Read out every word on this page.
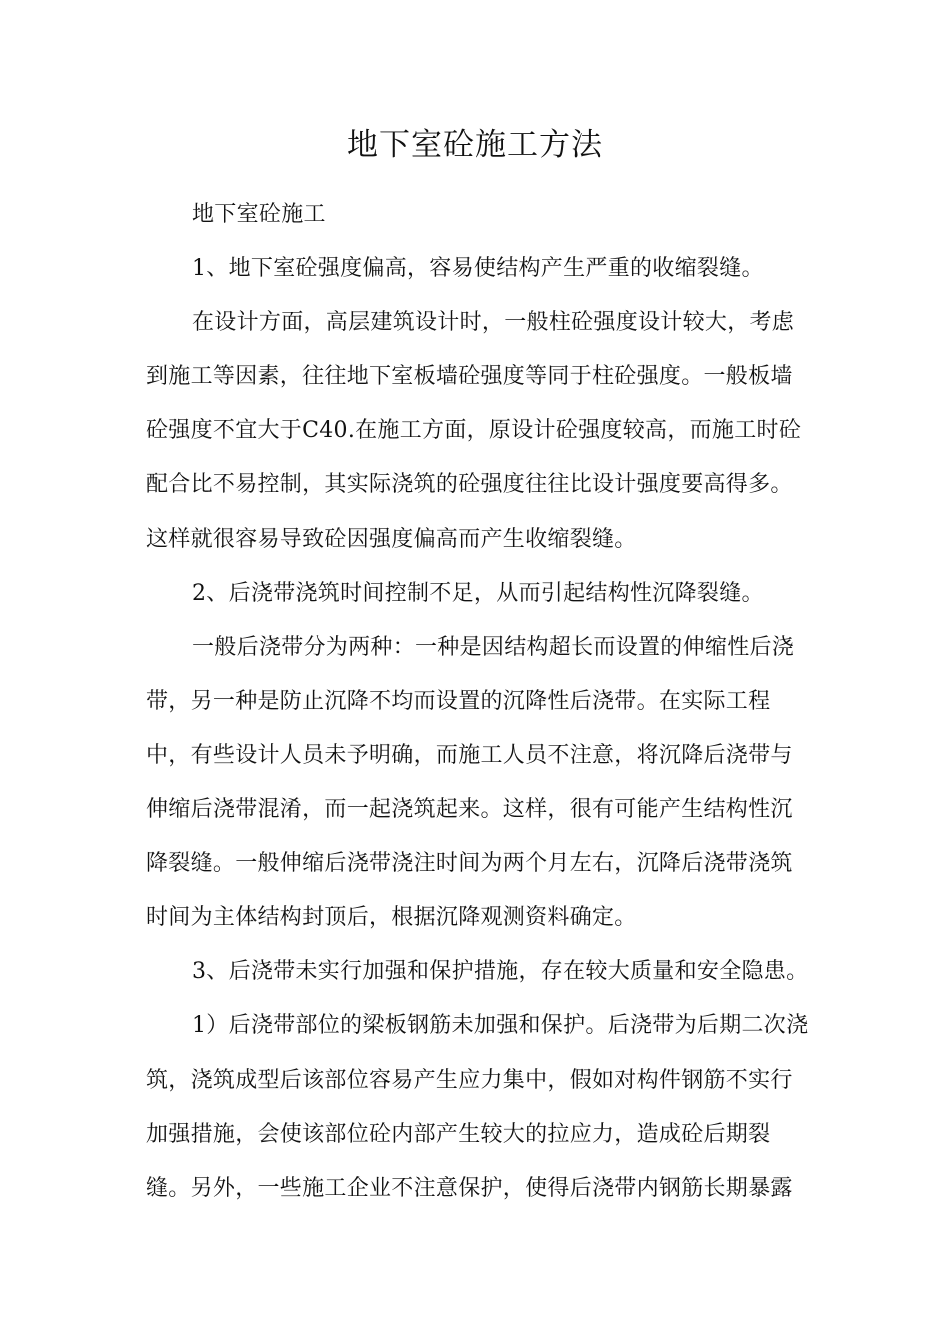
地下室砼施工方法
地下室砼施工
1、地下室砼强度偏高，容易使结构产生严重的收缩裂缝。
在设计方面，高层建筑设计时，一般柱砼强度设计较大，考虑
到施工等因素，往往地下室板墙砼强度等同于柱砼强度。一般板墙
砼强度不宜大于C40.在施工方面，原设计砼强度较高，而施工时砼
配合比不易控制，其实际浇筑的砼强度往往比设计强度要高得多。
这样就很容易导致砼因强度偏高而产生收缩裂缝。
2、后浇带浇筑时间控制不足，从而引起结构性沉降裂缝。
一般后浇带分为两种：一种是因结构超长而设置的伸缩性后浇
带，另一种是防止沉降不均而设置的沉降性后浇带。在实际工程
中，有些设计人员未予明确，而施工人员不注意，将沉降后浇带与
伸缩后浇带混淆，而一起浇筑起来。这样，很有可能产生结构性沉
降裂缝。一般伸缩后浇带浇注时间为两个月左右，沉降后浇带浇筑
时间为主体结构封顶后，根据沉降观测资料确定。
3、后浇带未实行加强和保护措施，存在较大质量和安全隐患。
1）后浇带部位的梁板钢筋未加强和保护。后浇带为后期二次浇
筑，浇筑成型后该部位容易产生应力集中，假如对构件钢筋不实行
加强措施，会使该部位砼内部产生较大的拉应力，造成砼后期裂
缝。另外，一些施工企业不注意保护，使得后浇带内钢筋长期暴露
